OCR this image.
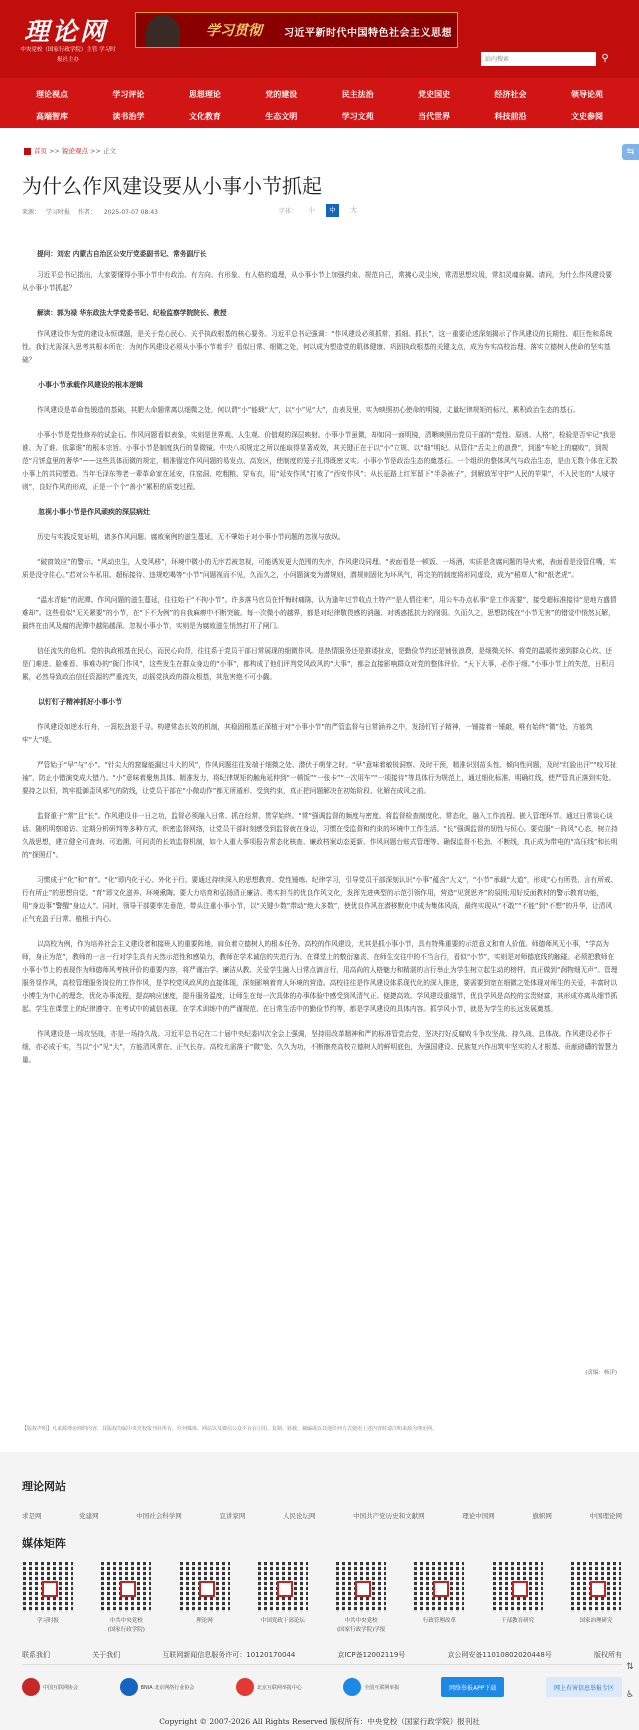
理论网
中央党校（国家行政学院）主管 学习时报社主办
学习贯彻 习近平新时代中国特色社会主义思想
站内搜索
⚲
理论视点	学习评论	思想理论	党的建设	民主法治	党史国史	经济社会	领导论苑
高端智库	读书治学	文化教育	生态文明	学习文苑	当代世界	科技前沿	文史参阅
首页 >> 锐论观点 >> 正文	⇆
为什么作风建设要从小事小节抓起
来源： 学习时报 作者： 2025-07-07 08:43	字体：	小	中	大

提问：刘宏 内蒙古自治区公安厅党委副书记、常务副厅长

习近平总书记指出，大家要懂得小事小节中有政治、有方向、有形象、有人格的道理，从小事小节上加强约束、规范自己，常拂心灵尘埃，常清思想垃圾，常扣灵魂奋翼。请问，为什么作风建设要从小事小节抓起？

解读：郭为禄 华东政法大学党委书记、纪检监察学院院长、教授

作风建设作为党的建设永恒课题，是关于党心民心、关乎执政根基的核心要务。习近平总书记强调：“作风建设必须抓常、抓细、抓长”，这一重要论述深刻揭示了作风建设的长期性、艰巨性和系统性。我们尤需深入思考其根本所在：为何作风建设必须从小事小节着手？看似日常、细微之处，何以成为塑造党的肌体健康、巩固执政根基的关键支点，成为夯实高校治理、落实立德树人使命的坚实基础？

小事小节承载作风建设的根本逻辑

作风建设是革命性锻造的基础，其肥大命题常离以细微之处，何以谓“小”能载“大”，以“小”见“大”，由表及里，实为映照初心使命的明镜，丈量纪律规矩的标尺，累积政治生态的基石。

小事小节是党性修养的试金石。作风问题看似表象，实则是世界观、人生观、价值观的深层映射。小事小节虽微，却如同一面明镜，清晰映照出党员干部的“党性、原则、人格”，检验是否牢记“我是谁、为了谁、依靠谁”的根本宗旨。小事小节是制度执行的显微镜。中央八项规定之所以能取得显著成效，其关键正在于以“小”立规、以“细”明纪。从管住“舌尖上的浪费”，到遏“车轮上的腐败”，到规范“月饼盒里的奢华”——这些具体而微的规定，精准锚定作风问题的易发点、高发区，使制度的笼子扎得既密又实。小事小节是政治生态的奠基石。一个组织的整体风气与政治生态，是由无数个体在无数小事上的共同塑造。当年毛泽东等老一辈革命家在延安，住窑洞、吃粗粮、穿布衣，用“延安作风”打败了“西安作风”；从长征路上红军留下“半条被子”，到解放军守护“人民的苹果”，不人民宅的“人城守则”，良好作风的形成，正是一个个“善小”累积的质变过程。

忽视小事小节是作风顽疾的深层病灶

历史与实践反复证明，诸多作风问题、腐败案例的滋生蔓延，无不肇始于对小事小节问题的忽视与放纵。

“破窗效应”的警示。“风动虫生，人变风移”，环境中微小的无序若被忽视，可能诱发更大范围的失序，作风建设同理。“表面看是一顿饭、一场酒，实质是贪腐问题的导火索，表面看是没管住嘴，实质是没守住心。”若对公车私用、超标接待、违规吃喝等“小节”问题视而不见，久而久之，小问题演变为潜规则，潜规则固化为坏风气，再完美的制度将形同虚设，成为“稻草人”和“纸老虎”。

“温水青蛙”的泥潭。作风问题的滋生蔓延，往往始于“不拘小节”。许多落马官员在忏悔时痛陈，认为逢年过节收点土特产“是人情往来”，用公车办点私事“是工作需要”，接受超标准接待“是地方盛情难却”。这些看似“无关紧要”的小节，在“下不为例”的自我麻痹中不断突破。每一次微小的越界，都是对纪律敬畏感的消融、对诱惑抵抗力的削弱。久而久之，思想防线在“小节无害”的错觉中悄然瓦解，最终在由风及腐的泥潭中越陷越深。忽视小事小节，实则是为腐败滋生悄然打开了闸门。

信任流失的危机。党的执政根基在民心，而民心向背，往往系于党员干部日常展现的细微作风。是热情服务还是推诿扯皮，是勤俭节约还是铺张浪费，是细微关怀、将党的温暖传递到群众心坎、还是门难进、脸难看、事难办的“衙门作风”，这些发生在群众身边的“小事”，都构成了他们评判党风政风的“大事”，都会直接影响群众对党的整体评价。“天下大事，必作于细。”小事小节上的失范，日积月累，必然导致政治信任资源的严重流失，动摇党执政的群众根基，其危害绝不可小觑。

以钉钉子精神抓好小事小节

作风建设如逆水行舟，一篙松劲退千寻。构建常态长效的机制，其稳固根基正深植于对“小事小节”的严管监督与日常涵养之中，发扬钉钉子精神，一锤接着一锤敲，唯有始终“微”处，方能筑牢“大”堤。

严管始于“早”与“小”。“针尖大的窟窿能漏过斗大的风”，作风问题往往发端于细微之处、潜伏于萌芽之时。“早”意味着敏锐洞察、及时干预，精准识别苗头性、倾向性问题，及时“红脸出汗”“咬耳扯袖”，防止小错演变成大错乃。“小”意味着聚焦具体、精准发力，将纪律规矩的触角延伸到“一顿饭”“一张卡”“一次用车”“一项接待”等具体行为规范上，通过细化标准、明确红线，使严管真正落到实处。要持之以恒，筑牢抵御歪风邪气的防线，让党员干部在“小微动作”都无所遁形、受到约束，真正把问题解决在初始阶段、化解在成风之前。

监督重于“常”且“长”。作风建设非一日之功，监督必须融入日常、抓在经常、贯穿始终。“常”强调监督的频度与密度。将监督检查制度化、常态化，融入工作流程、嵌入管理环节。通过日常谈心谈话、随机明察暗访、定期分析研判等多种方式，织密监督网络，让党员干部时刻感受到监督就在身边，习惯在受监督和约束的环境中工作生活。“长”强调监督的韧性与恒心。要克服“一阵风”心态，树立持久战思想，建立健全可查询、可追溯、可问责的长效监督机制，如个人重大事项报告常态化核查、廉政档案动态更新、作风问题台账式管理等。确保监督不松劲、不断线，真正成为带电的“高压线”和长明的“探照灯”。

习惯成于“化”和“育”。“化”即内化于心、外化于行。要通过持续深入的思想教育、党性锤炼、纪律学习，引导党员干部深刻认识“小事”蕴含“大义”，“小节”承载“大道”，形成“心有所畏、言有所戒、行有所止”的思想自觉。“育”即文化滋养、环境熏陶。要大力培育和弘扬清正廉洁、勇实担当的优良作风文化，发挥先进典型的示范引领作用，营造“见贤思齐”的氛围;用好反面教材的警示教育功能，用“身边事”警醒“身边人”。同时，领导干部要率先垂范，带头注重小事小节，以“关键少数”带动“绝大多数”，使优良作风在潜移默化中成为集体风尚，最终实现从“不敢”“不能”到“不想”的升华，让清风正气充盈于日常、植根于内心。

以高校为例，作为培养社会主义建设者和接班人的重要阵地，肩负着立德树人的根本任务。高校的作风建设，尤其是抓小事小节，具有特殊重要的示范意义和育人价值。师德师风无小事，“学高为师，身正为范”，教师的一言一行对学生具有天然示范性和感染力，教师在学术诚信的失范行为、在课堂上的敷衍塞责、在师生交往中的不当言行，看似“小节”，实则是对师德底线的触碰。必须把教师在小事小节上的表现作为师德师风考核评价的重要内容，将严谨治学、廉洁从教、关爱学生融入日常点滴言行，用高尚的人格魅力和精湛的言行举止为学生树立起生动的榜样，真正做到“润物细无声”。管理服务显作风，高校管理服务岗位的工作作风，是学校党风政风的直接体现，深刻影响着育人环境的营造。高校往往是作风建设体系现代化的深入推进，要需要到宽在细微之处体现对师生的关爱，丰富时以小博生为中心的理念，优化办事流程，提高响应速度，提升服务温度，让师生在每一次具体的办事体验中感受到风清气正、便捷高效。学风建设重细节，优良学风是高校的宝贵财富，其形成亦离从细节抓起。学生在课堂上的纪律遵守、在考试中的诚信表现、在学术训练中的严谨规范、在日常生活中的勤俭节约等，都是学风建设的具体内容。抓学风小节，就是为学生的长远发展奠基。

作风建设是一场攻坚战，亦是一场持久战。习近平总书记在二十届中央纪委四次全会上强调，坚持用改革精神和严的标准管党治党，坚决打好反腐败斗争攻坚战、持久战、总体战。作风建设必作于细，亦必成于实，当以“小”见“大”，方能清风常在、正气长存。高校尤需落于“微”处、久久为功，不断擦亮高校立德树人的鲜明底色，为强国建设、民族复兴作出筑牢坚实的人才根基、贡献磅礴的智慧力量。

(责编：杨洋)
【版权声明】凡来源理论网的内容，其版权均属中央党校报刊社所有，任何媒体、网站以及微信公众平台在引用、复制、转载、摘编或以其他任何方式使用上述内容时请注明来源为理论网。
理论网站
求是网	党建网	中国社会科学网	宣讲家网	人民论坛网	中国共产党历史和文献网	理论中国网	旗帜网	中国理论网
媒体矩阵
学习时报	中共中央党校
(国家行政学院)
理论网	中国党政干部论坛	中共中央党校
(国家行政学院)学报
行政管理改革	干部教育研究	国家治理研究
联系我们	关于我们	互联网新闻信息服务许可：10120170044	京ICP备12002119号	京公网安备11010802020448号	版权所有
中国互联网协会	BNIA 北京网络行业协会	北京互联网举报中心	全国互联网举报	网络举报APP下载	网上有害信息举报专区
Copyright © 2007-2026 All Rights Reserved 版权所有：中央党校（国家行政学院）报刊社
⇅
♿
